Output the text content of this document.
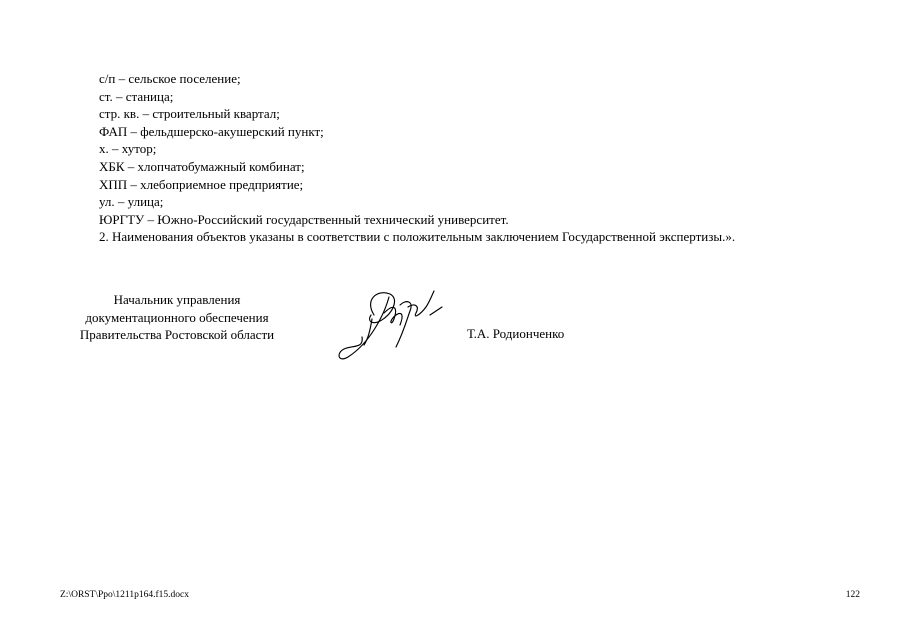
с/п – сельское поселение;
ст. – станица;
стр. кв. – строительный квартал;
ФАП – фельдшерско-акушерский пункт;
х. – хутор;
ХБК – хлопчатобумажный комбинат;
ХПП – хлебоприемное предприятие;
ул. – улица;
ЮРГТУ – Южно-Российский государственный технический университет.
2. Наименования объектов указаны в соответствии с положительным заключением Государственной экспертизы.».
Начальник управления
документационного обеспечения
Правительства Ростовской области	Т.А. Родионченко
Z:\ORST\Ppo\1211p164.f15.docx	122
